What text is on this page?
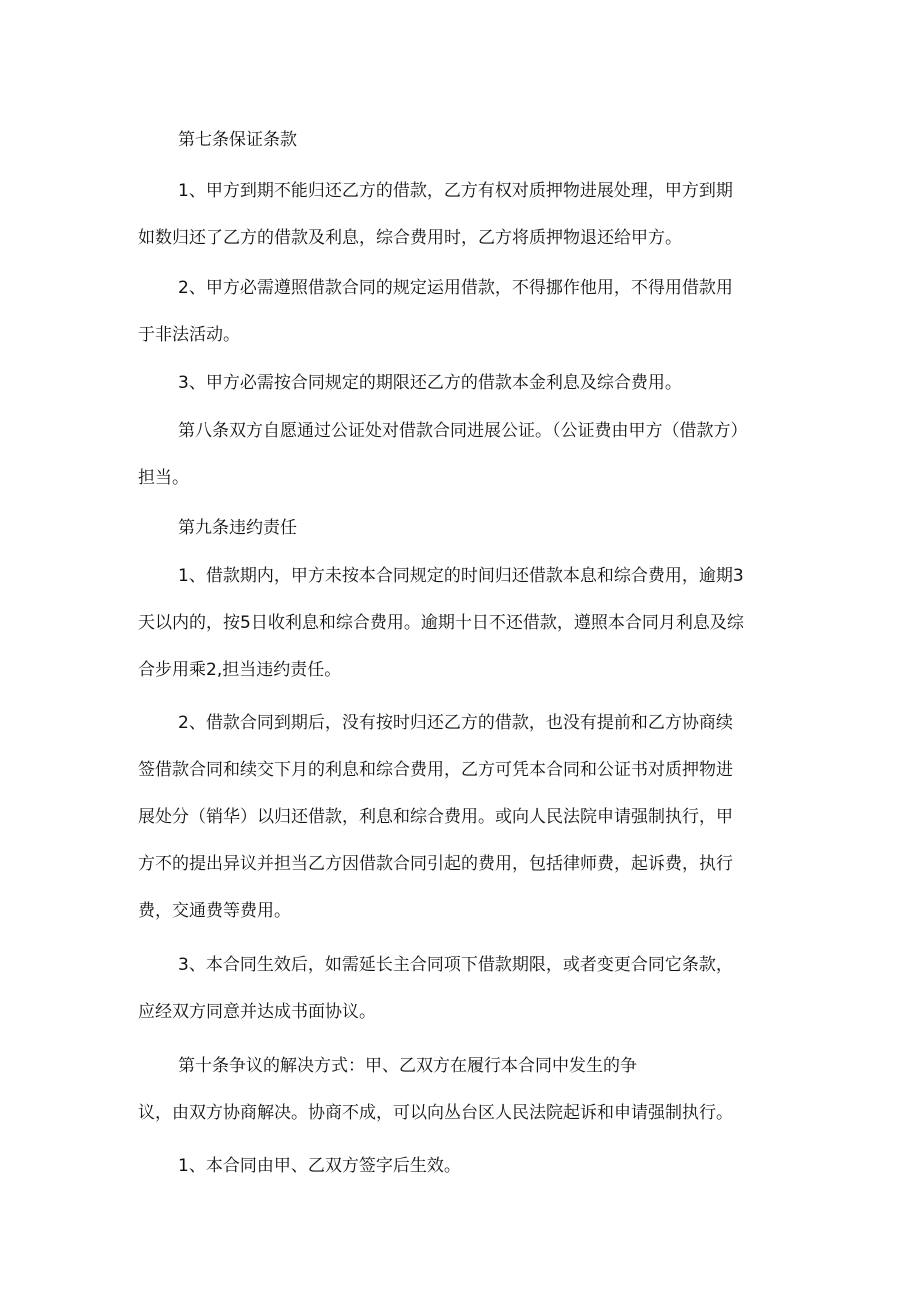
第七条保证条款

1、甲方到期不能归还乙方的借款，乙方有权对质押物进展处理，甲方到期
如数归还了乙方的借款及利息，综合费用时，乙方将质押物退还给甲方。

2、甲方必需遵照借款合同的规定运用借款，不得挪作他用，不得用借款用
于非法活动。

3、甲方必需按合同规定的期限还乙方的借款本金利息及综合费用。

第八条双方自愿通过公证处对借款合同进展公证。（公证费由甲方（借款方）
担当。

第九条违约责任

1、借款期内，甲方未按本合同规定的时间归还借款本息和综合费用，逾期3
天以内的，按5日收利息和综合费用。逾期十日不还借款，遵照本合同月利息及综
合步用乘2,担当违约责任。

2、借款合同到期后，没有按时归还乙方的借款，也没有提前和乙方协商续
签借款合同和续交下月的利息和综合费用，乙方可凭本合同和公证书对质押物进
展处分（销华）以归还借款，利息和综合费用。或向人民法院申请强制执行，甲
方不的提出异议并担当乙方因借款合同引起的费用，包括律师费，起诉费，执行
费，交通费等费用。

3、本合同生效后，如需延长主合同项下借款期限，或者变更合同它条款，
应经双方同意并达成书面协议。

第十条争议的解决方式：甲、乙双方在履行本合同中发生的争
议，由双方协商解决。协商不成，可以向丛台区人民法院起诉和申请强制执行。

1、本合同由甲、乙双方签字后生效。
